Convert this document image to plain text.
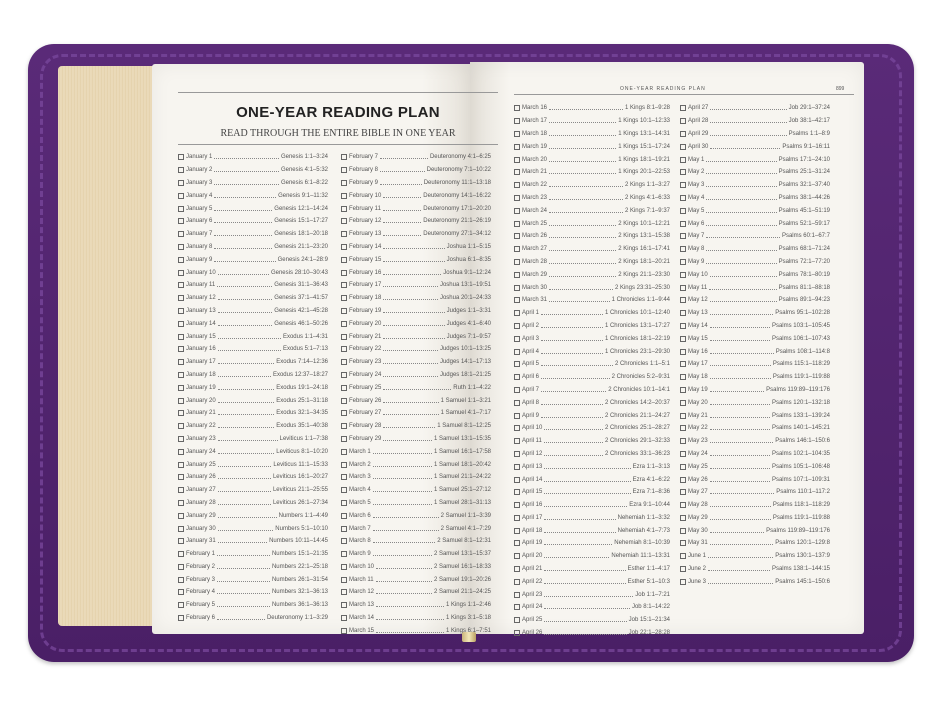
ONE-YEAR READING PLAN
READ THROUGH THE ENTIRE BIBLE IN ONE YEAR
ONE-YEAR READING PLAN	899
January 1	Genesis 1:1–3:24
January 2	Genesis 4:1–5:32
January 3	Genesis 6:1–8:22
January 4	Genesis 9:1–11:32
January 5	Genesis 12:1–14:24
January 6	Genesis 15:1–17:27
January 7	Genesis 18:1–20:18
January 8	Genesis 21:1–23:20
January 9	Genesis 24:1–28:9
January 10	Genesis 28:10–30:43
January 11	Genesis 31:1–36:43
January 12	Genesis 37:1–41:57
January 13	Genesis 42:1–45:28
January 14	Genesis 46:1–50:26
January 15	Exodus 1:1–4:31
January 16	Exodus 5:1–7:13
January 17	Exodus 7:14–12:36
January 18	Exodus 12:37–18:27
January 19	Exodus 19:1–24:18
January 20	Exodus 25:1–31:18
January 21	Exodus 32:1–34:35
January 22	Exodus 35:1–40:38
January 23	Leviticus 1:1–7:38
January 24	Leviticus 8:1–10:20
January 25	Leviticus 11:1–15:33
January 26	Leviticus 16:1–20:27
January 27	Leviticus 21:1–25:55
January 28	Leviticus 26:1–27:34
January 29	Numbers 1:1–4:49
January 30	Numbers 5:1–10:10
January 31	Numbers 10:11–14:45
February 1	Numbers 15:1–21:35
February 2	Numbers 22:1–25:18
February 3	Numbers 26:1–31:54
February 4	Numbers 32:1–36:13
February 5	Numbers 36:1–36:13
February 6	Deuteronomy 1:1–3:29
February 7	Deuteronomy 4:1–6:25
February 8	Deuteronomy 7:1–10:22
February 9	Deuteronomy 11:1–13:18
February 10	Deuteronomy 14:1–16:22
February 11	Deuteronomy 17:1–20:20
February 12	Deuteronomy 21:1–26:19
February 13	Deuteronomy 27:1–34:12
February 14	Joshua 1:1–5:15
February 15	Joshua 6:1–8:35
February 16	Joshua 9:1–12:24
February 17	Joshua 13:1–19:51
February 18	Joshua 20:1–24:33
February 19	Judges 1:1–3:31
February 20	Judges 4:1–6:40
February 21	Judges 7:1–9:57
February 22	Judges 10:1–13:25
February 23	Judges 14:1–17:13
February 24	Judges 18:1–21:25
February 25	Ruth 1:1–4:22
February 26	1 Samuel 1:1–3:21
February 27	1 Samuel 4:1–7:17
February 28	1 Samuel 8:1–12:25
February 29	1 Samuel 13:1–15:35
March 1	1 Samuel 16:1–17:58
March 2	1 Samuel 18:1–20:42
March 3	1 Samuel 21:1–24:22
March 4	1 Samuel 25:1–27:12
March 5	1 Samuel 28:1–31:13
March 6	2 Samuel 1:1–3:39
March 7	2 Samuel 4:1–7:29
March 8	2 Samuel 8:1–12:31
March 9	2 Samuel 13:1–15:37
March 10	2 Samuel 16:1–18:33
March 11	2 Samuel 19:1–20:26
March 12	2 Samuel 21:1–24:25
March 13	1 Kings 1:1–2:46
March 14	1 Kings 3:1–5:18
March 15	1 Kings 6:1–7:51
March 16	1 Kings 8:1–9:28
March 17	1 Kings 10:1–12:33
March 18	1 Kings 13:1–14:31
March 19	1 Kings 15:1–17:24
March 20	1 Kings 18:1–19:21
March 21	1 Kings 20:1–22:53
March 22	2 Kings 1:1–3:27
March 23	2 Kings 4:1–6:33
March 24	2 Kings 7:1–9:37
March 25	2 Kings 10:1–12:21
March 26	2 Kings 13:1–15:38
March 27	2 Kings 16:1–17:41
March 28	2 Kings 18:1–20:21
March 29	2 Kings 21:1–23:30
March 30	2 Kings 23:31–25:30
March 31	1 Chronicles 1:1–9:44
April 1	1 Chronicles 10:1–12:40
April 2	1 Chronicles 13:1–17:27
April 3	1 Chronicles 18:1–22:19
April 4	1 Chronicles 23:1–29:30
April 5	2 Chronicles 1:1–5:1
April 6	2 Chronicles 5:2–9:31
April 7	2 Chronicles 10:1–14:1
April 8	2 Chronicles 14:2–20:37
April 9	2 Chronicles 21:1–24:27
April 10	2 Chronicles 25:1–28:27
April 11	2 Chronicles 29:1–32:33
April 12	2 Chronicles 33:1–36:23
April 13	Ezra 1:1–3:13
April 14	Ezra 4:1–6:22
April 15	Ezra 7:1–8:36
April 16	Ezra 9:1–10:44
April 17	Nehemiah 1:1–3:32
April 18	Nehemiah 4:1–7:73
April 19	Nehemiah 8:1–10:39
April 20	Nehemiah 11:1–13:31
April 21	Esther 1:1–4:17
April 22	Esther 5:1–10:3
April 23	Job 1:1–7:21
April 24	Job 8:1–14:22
April 25	Job 15:1–21:34
April 26	Job 22:1–28:28
April 27	Job 29:1–37:24
April 28	Job 38:1–42:17
April 29	Psalms 1:1–8:9
April 30	Psalms 9:1–16:11
May 1	Psalms 17:1–24:10
May 2	Psalms 25:1–31:24
May 3	Psalms 32:1–37:40
May 4	Psalms 38:1–44:26
May 5	Psalms 45:1–51:19
May 6	Psalms 52:1–59:17
May 7	Psalms 60:1–67:7
May 8	Psalms 68:1–71:24
May 9	Psalms 72:1–77:20
May 10	Psalms 78:1–80:19
May 11	Psalms 81:1–88:18
May 12	Psalms 89:1–94:23
May 13	Psalms 95:1–102:28
May 14	Psalms 103:1–105:45
May 15	Psalms 106:1–107:43
May 16	Psalms 108:1–114:8
May 17	Psalms 115:1–118:29
May 18	Psalms 119:1–119:88
May 19	Psalms 119:89–119:176
May 20	Psalms 120:1–132:18
May 21	Psalms 133:1–139:24
May 22	Psalms 140:1–145:21
May 23	Psalms 146:1–150:6
May 24	Psalms 102:1–104:35
May 25	Psalms 105:1–106:48
May 26	Psalms 107:1–109:31
May 27	Psalms 110:1–117:2
May 28	Psalms 118:1–118:29
May 29	Psalms 119:1–119:88
May 30	Psalms 119:89–119:176
May 31	Psalms 120:1–129:8
June 1	Psalms 130:1–137:9
June 2	Psalms 138:1–144:15
June 3	Psalms 145:1–150:6
